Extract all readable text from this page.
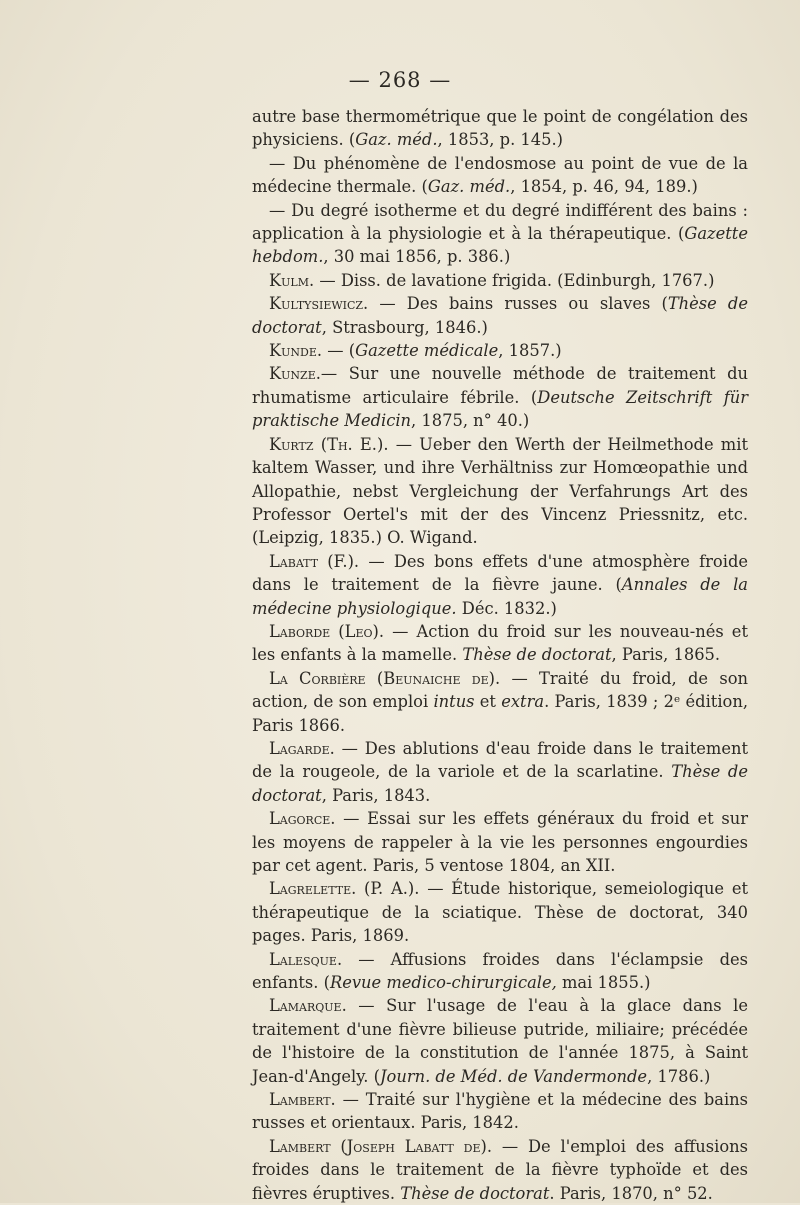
— 268 —

autre base thermométrique que le point de congélation des physiciens. (Gaz. méd., 1853, p. 145.)

— Du phénomène de l'endosmose au point de vue de la médecine thermale. (Gaz. méd., 1854, p. 46, 94, 189.)

— Du degré isotherme et du degré indifférent des bains : application à la physiologie et à la thérapeutique. (Gazette hebdom., 30 mai 1856, p. 386.)

Kulm. — Diss. de lavatione frigida. (Edinburgh, 1767.)

Kultysiewicz. — Des bains russes ou slaves (Thèse de doctorat, Strasbourg, 1846.)

Kunde. — (Gazette médicale, 1857.)

Kunze.— Sur une nouvelle méthode de traitement du rhumatisme articulaire fébrile. (Deutsche Zeitschrift für praktische Medicin, 1875, n° 40.)

Kurtz (Th. E.). — Ueber den Werth der Heilmethode mit kaltem Wasser, und ihre Verhältniss zur Homœopathie und Allopathie, nebst Vergleichung der Verfahrungs Art des Professor Oertel's mit der des Vincenz Priessnitz, etc. (Leipzig, 1835.) O. Wigand.

Labatt (F.). — Des bons effets d'une atmosphère froide dans le traitement de la fièvre jaune. (Annales de la médecine physiologique. Déc. 1832.)

Laborde (Leo). — Action du froid sur les nouveau-nés et les enfants à la mamelle. Thèse de doctorat, Paris, 1865.

La Corbière (Beunaiche de). — Traité du froid, de son action, de son emploi intus et extra. Paris, 1839 ; 2ᵉ édition, Paris 1866.

Lagarde. — Des ablutions d'eau froide dans le traitement de la rougeole, de la variole et de la scarlatine. Thèse de doctorat, Paris, 1843.

Lagorce. — Essai sur les effets généraux du froid et sur les moyens de rappeler à la vie les personnes engourdies par cet agent. Paris, 5 ventose 1804, an XII.

Lagrelette. (P. A.). — Étude historique, semeiologique et thérapeutique de la sciatique. Thèse de doctorat, 340 pages. Paris, 1869.

Lalesque. — Affusions froides dans l'éclampsie des enfants. (Revue medico-chirurgicale, mai 1855.)

Lamarque. — Sur l'usage de l'eau à la glace dans le traitement d'une fièvre bilieuse putride, miliaire; précédée de l'histoire de la constitution de l'année 1875, à Saint Jean-d'Angely. (Journ. de Méd. de Vandermonde, 1786.)

Lambert. — Traité sur l'hygiène et la médecine des bains russes et orientaux. Paris, 1842.

Lambert (Joseph Labatt de). — De l'emploi des affusions froides dans le traitement de la fièvre typhoïde et des fièvres éruptives. Thèse de doctorat. Paris, 1870, n° 52.
